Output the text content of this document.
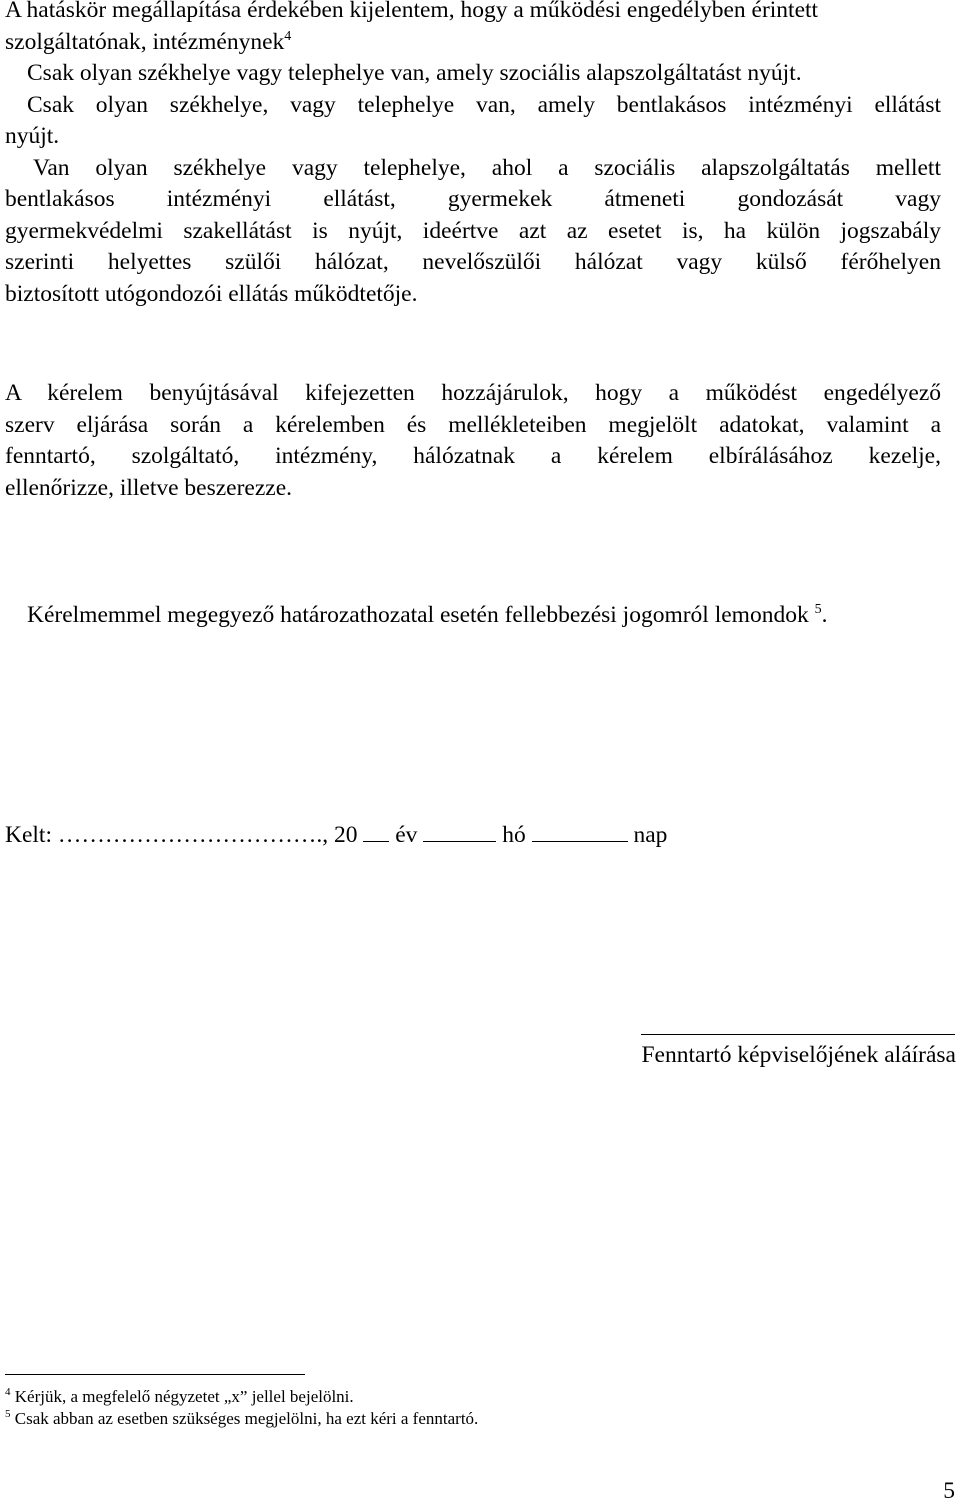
A hatáskör megállapítása érdekében kijelentem, hogy a működési engedélyben érintett
szolgáltatónak, intézménynek$^4$
Csak olyan székhelye vagy telephelye van, amely szociális alapszolgáltatást nyújt.
Csak olyan székhelye, vagy telephelye van, amely bentlakásos intézményi ellátást
nyújt.
Van olyan székhelye vagy telephelye, ahol a szociális alapszolgáltatás mellett
bentlakásos intézményi ellátást, gyermekek átmeneti gondozását vagy
gyermekvédelmi szakellátást is nyújt, ideértve azt az esetet is, ha külön jogszabály
szerinti helyettes szülői hálózat, nevelőszülői hálózat vagy külső férőhelyen
biztosított utógondozói ellátás működtetője.
A kérelem benyújtásával kifejezetten hozzájárulok, hogy a működést engedélyező
szerv eljárása során a kérelemben és mellékleteiben megjelölt adatokat, valamint a
fenntartó, szolgáltató, intézmény, hálózatnak a kérelem elbírálásához kezelje,
ellenőrizze, illetve beszerezze.
Kérelmemmel megegyező határozathozatal esetén fellebbezési jogomról lemondok $^5$.
Kelt: ……………………………., 20 év	hó	nap
Fenntartó képviselőjének aláírása
$^4$ Kérjük, a megfelelő négyzetet „x” jellel bejelölni.
$^5$ Csak abban az esetben szükséges megjelölni, ha ezt kéri a fenntartó.
5
